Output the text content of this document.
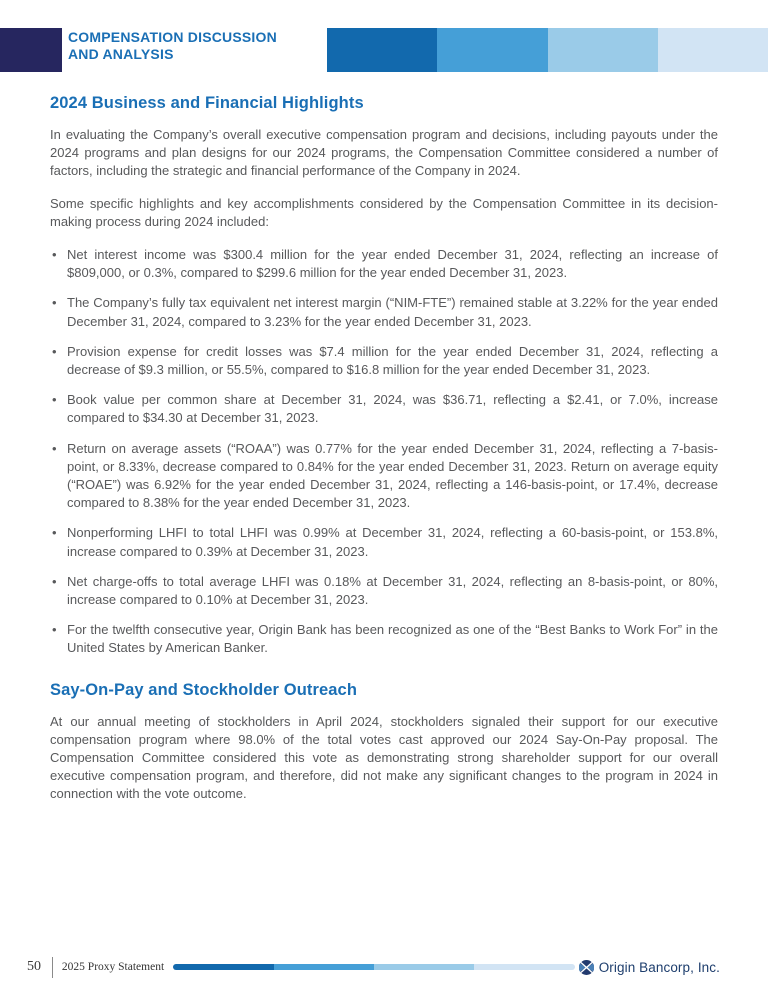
COMPENSATION DISCUSSION
AND ANALYSIS
2024 Business and Financial Highlights

In evaluating the Company’s overall executive compensation program and decisions, including payouts under the 2024 programs and plan designs for our 2024 programs, the Compensation Committee considered a number of factors, including the strategic and financial performance of the Company in 2024.

Some specific highlights and key accomplishments considered by the Compensation Committee in its decision-making process during 2024 included:

• Net interest income was $300.4 million for the year ended December 31, 2024, reflecting an increase of $809,000, or 0.3%, compared to $299.6 million for the year ended December 31, 2023.
• The Company’s fully tax equivalent net interest margin (“NIM-FTE”) remained stable at 3.22% for the year ended December 31, 2024, compared to 3.23% for the year ended December 31, 2023.
• Provision expense for credit losses was $7.4 million for the year ended December 31, 2024, reflecting a decrease of $9.3 million, or 55.5%, compared to $16.8 million for the year ended December 31, 2023.
• Book value per common share at December 31, 2024, was $36.71, reflecting a $2.41, or 7.0%, increase compared to $34.30 at December 31, 2023.
• Return on average assets (“ROAA”) was 0.77% for the year ended December 31, 2024, reflecting a 7-basis-point, or 8.33%, decrease compared to 0.84% for the year ended December 31, 2023. Return on average equity (“ROAE”) was 6.92% for the year ended December 31, 2024, reflecting a 146-basis-point, or 17.4%, decrease compared to 8.38% for the year ended December 31, 2023.
• Nonperforming LHFI to total LHFI was 0.99% at December 31, 2024, reflecting a 60-basis-point, or 153.8%, increase compared to 0.39% at December 31, 2023.
• Net charge-offs to total average LHFI was 0.18% at December 31, 2024, reflecting an 8-basis-point, or 80%, increase compared to 0.10% at December 31, 2023.
• For the twelfth consecutive year, Origin Bank has been recognized as one of the “Best Banks to Work For” in the United States by American Banker.
Say-On-Pay and Stockholder Outreach

At our annual meeting of stockholders in April 2024, stockholders signaled their support for our executive compensation program where 98.0% of the total votes cast approved our 2024 Say-On-Pay proposal. The Compensation Committee considered this vote as demonstrating strong shareholder support for our overall executive compensation program, and therefore, did not make any significant changes to the program in 2024 in connection with the vote outcome.

50 2025 Proxy Statement	Origin Bancorp, Inc.
